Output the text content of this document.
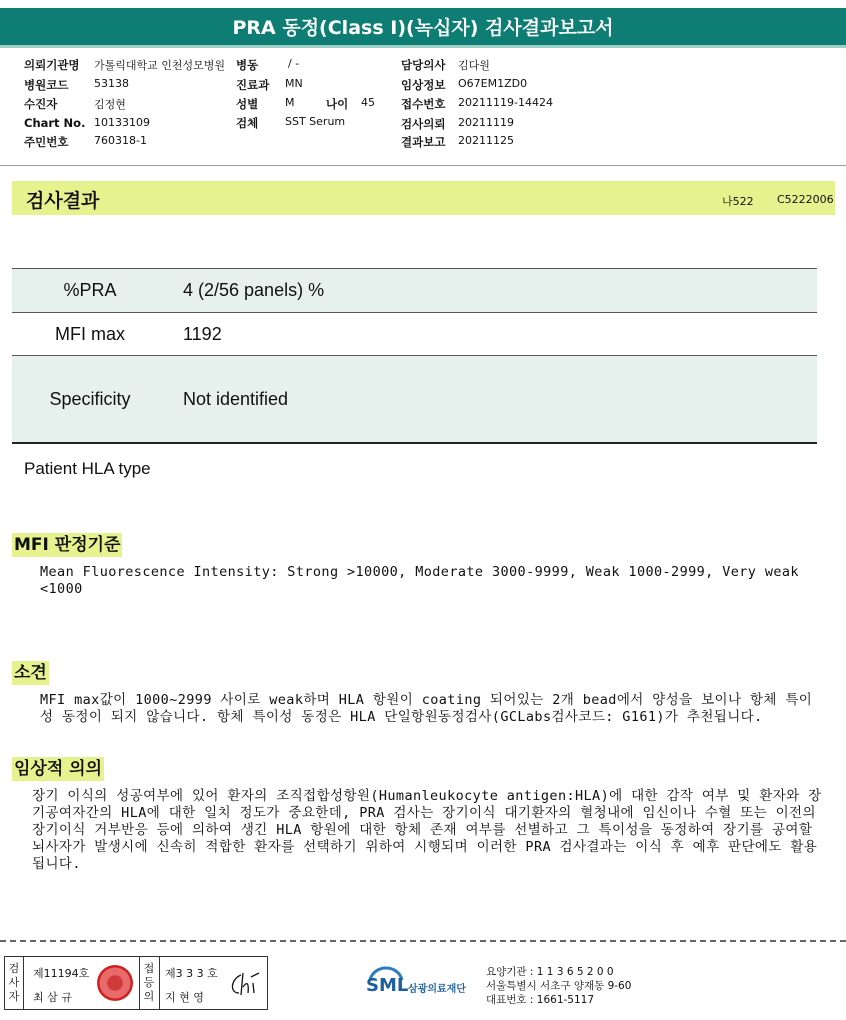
PRA 동정(Class I)(녹십자) 검사결과보고서
의뢰기관명 가톨릭대학교 인천성모병원 병동	/ -	담당의사 김다원
병원코드 53138	진료과 MN	임상정보 O67EM1ZD0
수진자	김정현	성별 M	나이 45 접수번호 20211119-14424
Chart No. 10133109	검체 SST Serum	검사의뢰 20211119
주민번호 760318-1	결과보고 20211125
검사결과	나522 C5222006
%PRA	4 (2/56 panels) %
MFI max	1192
Specificity	Not identified
Patient HLA type
MFI 판정기준
Mean Fluorescence Intensity: Strong >10000, Moderate 3000-9999, Weak 1000-2999, Very weak <1000
소견
MFI max값이 1000~2999 사이로 weak하며 HLA 항원이 coating 되어있는 2개 bead에서 양성을 보이나 항체 특이성 동정이 되지 않습니다. 항체 특이성 동정은 HLA 단일항원동정검사(GCLabs검사코드: G161)가 추천됩니다.
임상적 의의
장기 이식의 성공여부에 있어 환자의 조직접합성항원(Humanleukocyte antigen:HLA)에 대한 감작 여부 및 환자와 장기공여자간의 HLA에 대한 일치 정도가 중요한데, PRA 검사는 장기이식 대기환자의 혈청내에 임신이나 수혈 또는 이전의 장기이식 거부반응 등에 의하여 생긴 HLA 항원에 대한 항체 존재 여부를 선별하고 그 특이성을 동정하여 장기를 공여할 뇌사자가 발생시에 신속히 적합한 환자를 선택하기 위하여 시행되며 이러한 PRA 검사결과는 이식 후 예후 판단에도 활용됩니다.
검사자
제11194호
최 삼 규
접등의
제3 3 3 호
지 현 영
SML 삼광의료재단
요양기관 : 1 1 3 6 5 2 0 0
서울특별시 서초구 양재동 9-60
대표번호 : 1661-5117
